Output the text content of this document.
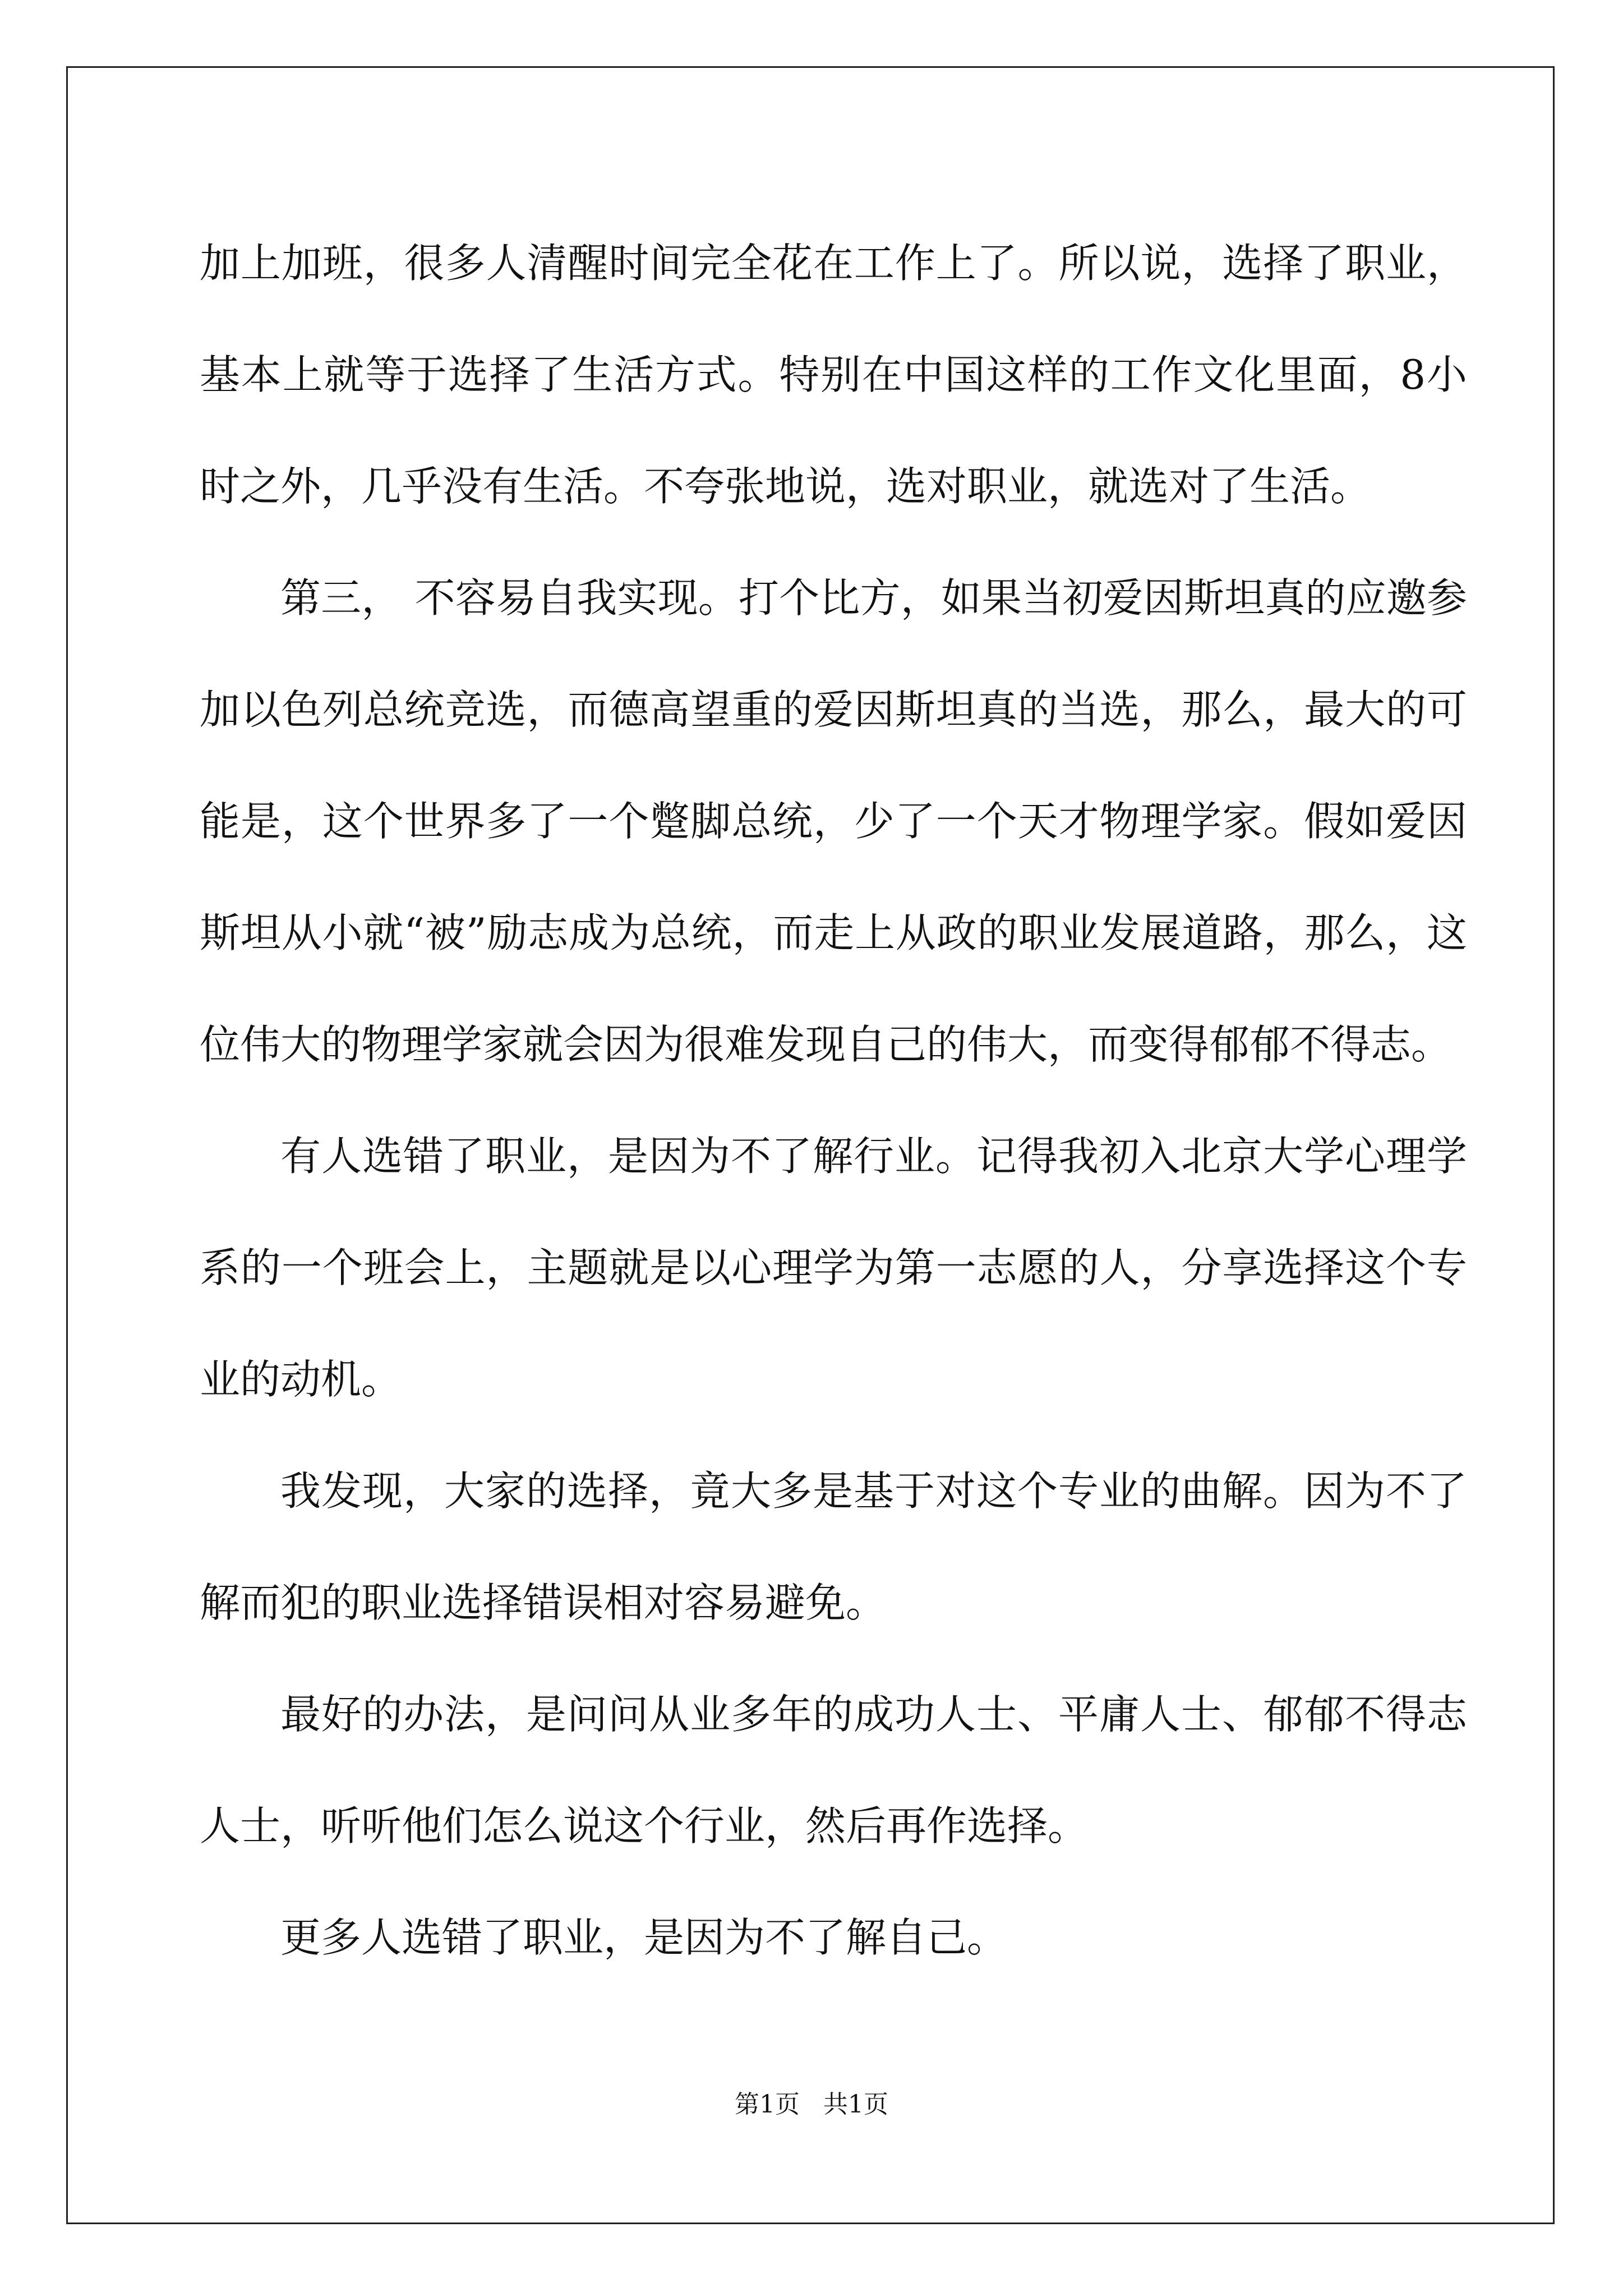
加上加班，很多人清醒时间完全花在工作上了。所以说，选择了职业，基本上就等于选择了生活方式。特别在中国这样的工作文化里面，8小时之外，几乎没有生活。不夸张地说，选对职业，就选对了生活。

第三， 不容易自我实现。打个比方，如果当初爱因斯坦真的应邀参加以色列总统竞选，而德高望重的爱因斯坦真的当选，那么，最大的可能是，这个世界多了一个蹩脚总统，少了一个天才物理学家。假如爱因斯坦从小就“被”励志成为总统，而走上从政的职业发展道路，那么，这位伟大的物理学家就会因为很难发现自己的伟大，而变得郁郁不得志。

有人选错了职业，是因为不了解行业。记得我初入北京大学心理学系的一个班会上，主题就是以心理学为第一志愿的人，分享选择这个专业的动机。

我发现，大家的选择，竟大多是基于对这个专业的曲解。因为不了解而犯的职业选择错误相对容易避免。

最好的办法，是问问从业多年的成功人士、平庸人士、郁郁不得志人士，听听他们怎么说这个行业，然后再作选择。

更多人选错了职业，是因为不了解自己。

第1页   共1页
